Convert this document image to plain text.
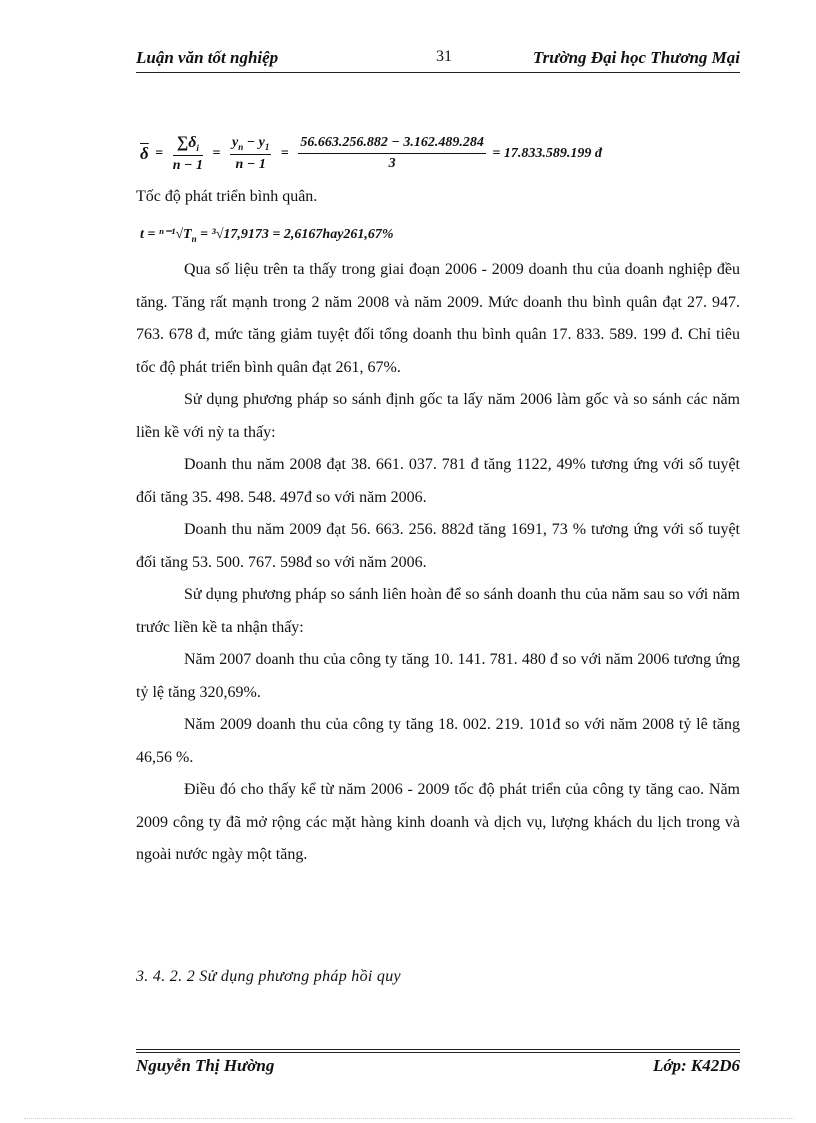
Luận văn tốt nghiệp	31	Trường Đại học Thương Mại
$\overline{\delta} = \frac{\sum\delta_i}{n - 1} = \frac{y_n - y_1}{n - 1} = \frac{56.663.256.882 - 3.162.489.284}{3} = 17.833.589.199$ đ
Tốc độ phát triển bình quân.
$t = ^{n-1}√T_n = ^3√17,9173 = 2,6167hay261,67\%$

Qua số liệu trên ta thấy trong giai đoạn 2006 - 2009 doanh thu của doanh nghiệp đều tăng. Tăng rất mạnh trong 2 năm 2008 và năm 2009. Mức doanh thu bình quân đạt 27. 947. 763. 678 đ, mức tăng giảm tuyệt đối tổng doanh thu bình quân 17. 833. 589. 199 đ. Chỉ tiêu tốc độ phát triển bình quân đạt 261, 67%.

Sử dụng phương pháp so sánh định gốc ta lấy năm 2006 làm gốc và so sánh các năm liền kề với nỳ ta thấy:

Doanh thu năm 2008 đạt 38. 661. 037. 781 đ tăng 1122, 49% tương ứng với số tuyệt đối tăng 35. 498. 548. 497đ so với năm 2006.

Doanh thu năm 2009 đạt 56. 663. 256. 882đ tăng 1691, 73 % tương ứng với số tuyệt đối tăng 53. 500. 767. 598đ so với năm 2006.

Sử dụng phương pháp so sánh liên hoàn để so sánh doanh thu của năm sau so với năm trước liền kề ta nhận thấy:

Năm 2007 doanh thu của công ty tăng 10. 141. 781. 480 đ so với năm 2006 tương ứng tỷ lệ tăng 320,69%.

Năm 2009 doanh thu của công ty tăng 18. 002. 219. 101đ so với năm 2008 tỷ lê tăng 46,56 %.

Điều đó cho thấy kể từ năm 2006 - 2009 tốc độ phát triển của công ty tăng cao. Năm 2009 công ty đã mở rộng các mặt hàng kinh doanh và dịch vụ, lượng khách du lịch trong và ngoài nước ngày một tăng.

3. 4. 2. 2 Sử dụng phương pháp hồi quy
Nguyễn Thị Hường	Lớp: K42D6
